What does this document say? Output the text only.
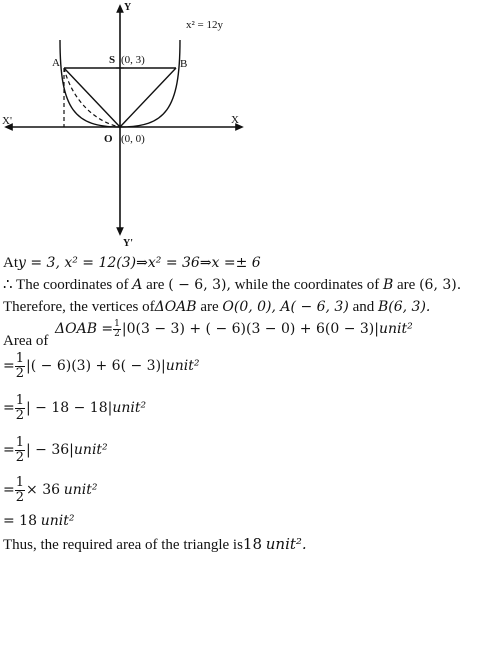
Y
Y'
X
X'
x² = 12y
S (0, 3)
A	B
O (0, 0)
Aty = 3, x² = 12(3)⇒x² = 36⇒x =± 6
∴ The coordinates of A are ( − 6, 3), while the coordinates of B are (6, 3).
Therefore, the vertices ofΔOAB are O(0, 0), A( − 6, 3) and B(6, 3).
Area of
$\Delta OAB = \frac{1}{2} |0(3 - 3)$ + ( − 6)(3 − 0) + 6(0 − 3)|unit²
= $\frac{1}{2}$ |( − 6)(3) + 6( − 3)|unit²
= $\frac{1}{2}$ | − 18 − 18|unit²
= $\frac{1}{2}$ | − 36|unit²
= $\frac{1}{2} \times 36$ unit²
= 18 unit²
Thus, the required area of the triangle is18 unit².
